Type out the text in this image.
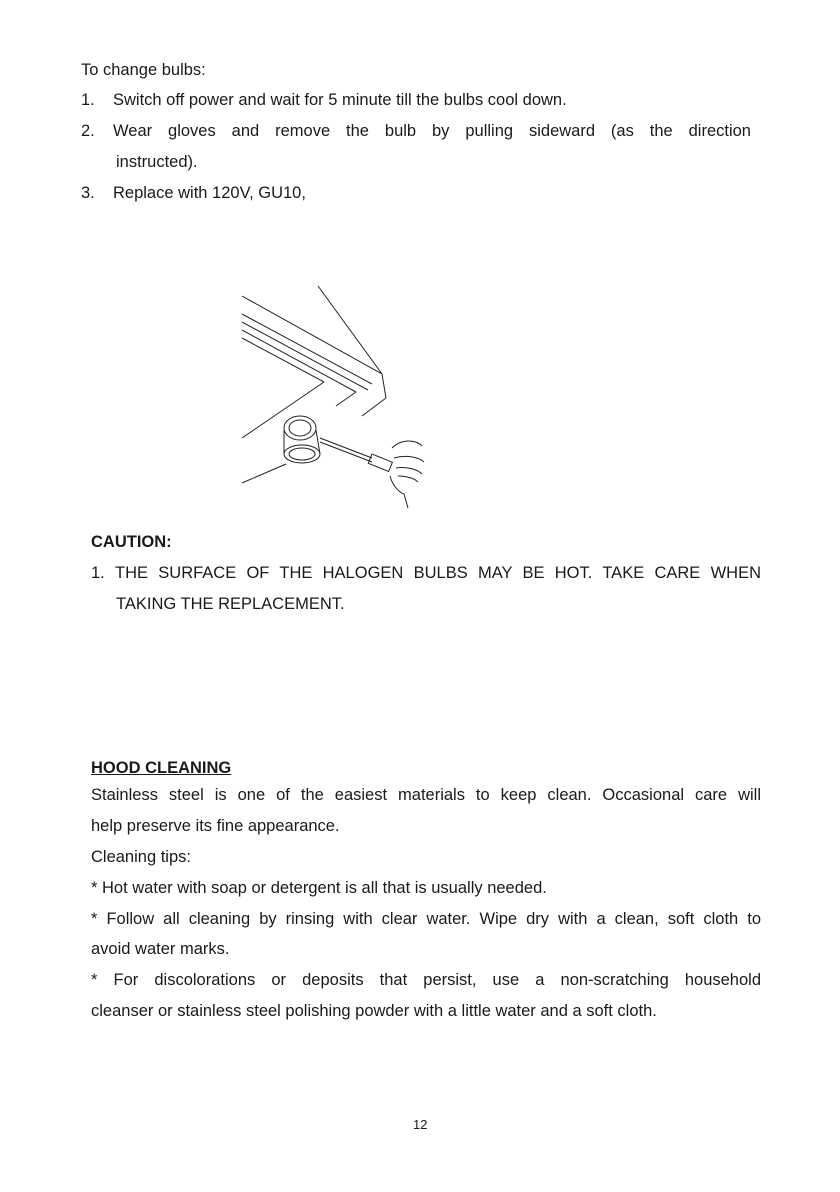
To change bulbs:
1. Switch off power and wait for 5 minute till the bulbs cool down.
2. Wear gloves and remove the bulb by pulling sideward (as the direction
instructed).
3. Replace with 120V, GU10,
CAUTION:
1. THE SURFACE OF THE HALOGEN BULBS MAY BE HOT. TAKE CARE WHEN
TAKING THE REPLACEMENT.
HOOD CLEANING
Stainless steel is one of the easiest materials to keep clean. Occasional care will
help preserve its fine appearance.
Cleaning tips:
* Hot water with soap or detergent is all that is usually needed.
* Follow all cleaning by rinsing with clear water. Wipe dry with a clean, soft cloth to
avoid water marks.
* For discolorations or deposits that persist, use a non-scratching household
cleanser or stainless steel polishing powder with a little water and a soft cloth.
12
